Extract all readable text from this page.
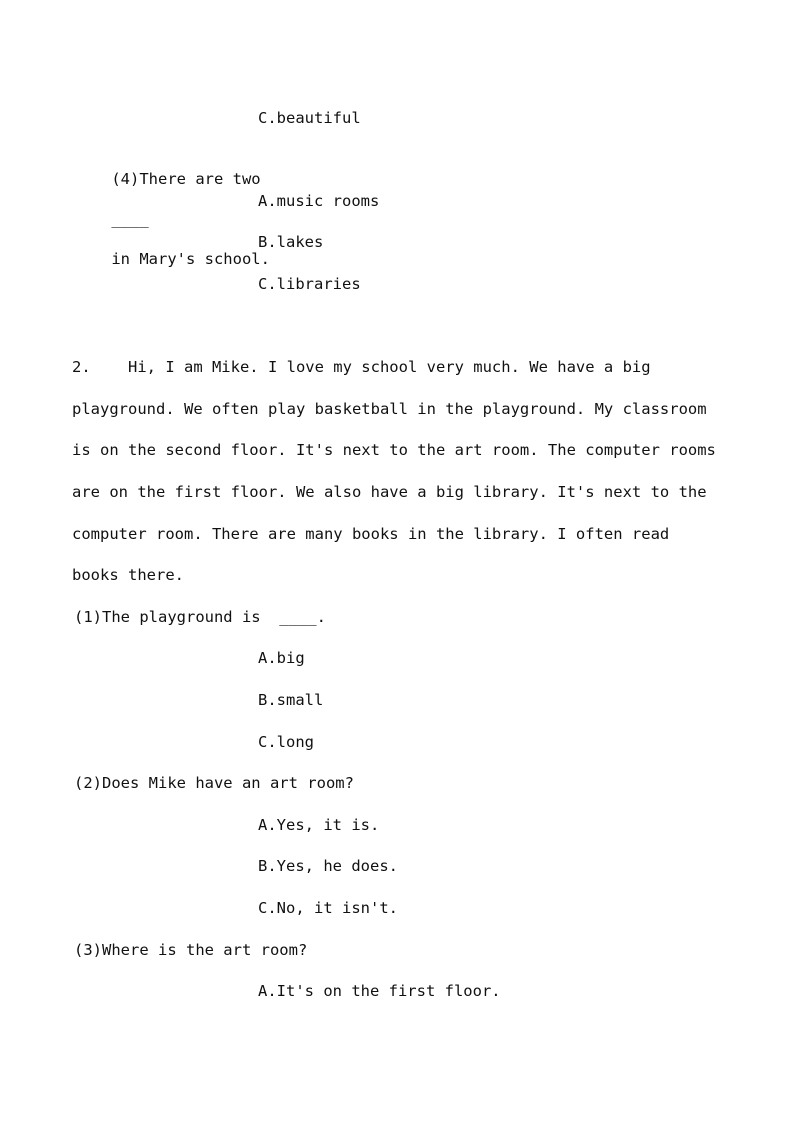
C.beautiful

(4)There are two

____

in Mary's school.

A.music rooms
B.lakes
C.libraries
2.    Hi, I am Mike. I love my school very much. We have a big
playground. We often play basketball in the playground. My classroom
is on the second floor. It's next to the art room. The computer rooms
are on the first floor. We also have a big library. It's next to the
computer room. There are many books in the library. I often read
books there.
(1)The playground is  ____.
A.big
B.small
C.long
(2)Does Mike have an art room?
A.Yes, it is.
B.Yes, he does.
C.No, it isn't.
(3)Where is the art room?
A.It's on the first floor.
